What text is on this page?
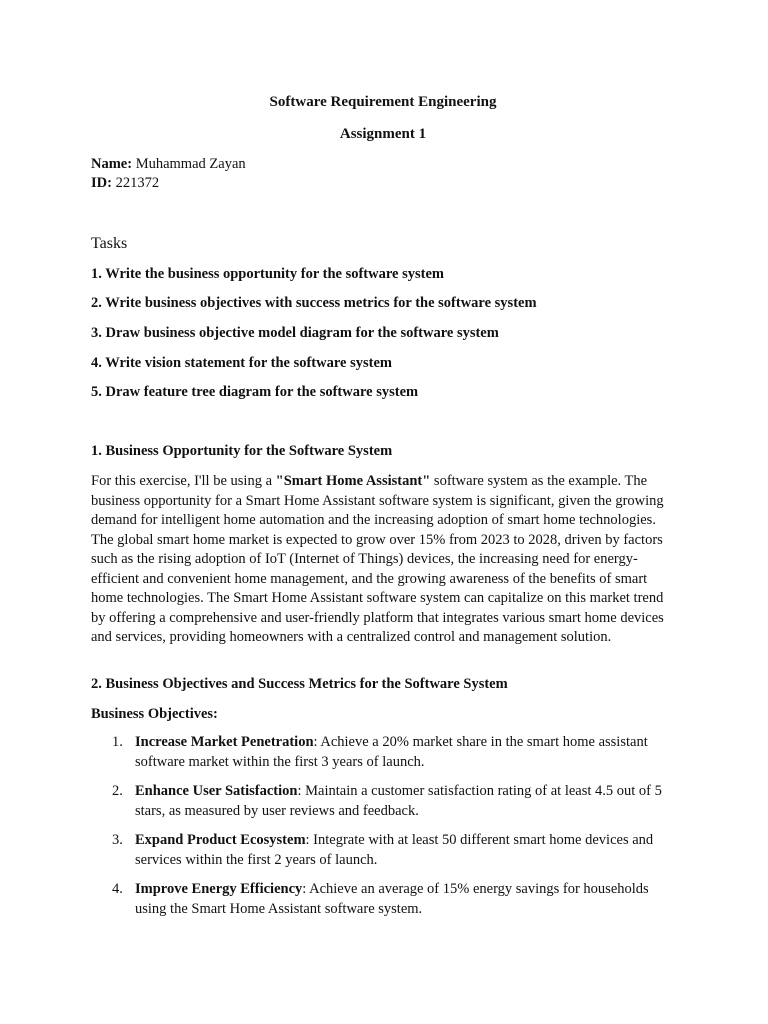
Software Requirement Engineering
Assignment 1
Name: Muhammad Zayan
ID: 221372
Tasks
1. Write the business opportunity for the software system
2. Write business objectives with success metrics for the software system
3. Draw business objective model diagram for the software system
4. Write vision statement for the software system
5. Draw feature tree diagram for the software system
1. Business Opportunity for the Software System
For this exercise, I'll be using a "Smart Home Assistant" software system as the example. The business opportunity for a Smart Home Assistant software system is significant, given the growing demand for intelligent home automation and the increasing adoption of smart home technologies. The global smart home market is expected to grow over 15% from 2023 to 2028, driven by factors such as the rising adoption of IoT (Internet of Things) devices, the increasing need for energy-efficient and convenient home management, and the growing awareness of the benefits of smart home technologies. The Smart Home Assistant software system can capitalize on this market trend by offering a comprehensive and user-friendly platform that integrates various smart home devices and services, providing homeowners with a centralized control and management solution.
2. Business Objectives and Success Metrics for the Software System
Business Objectives:
1. Increase Market Penetration: Achieve a 20% market share in the smart home assistant software market within the first 3 years of launch.
2. Enhance User Satisfaction: Maintain a customer satisfaction rating of at least 4.5 out of 5 stars, as measured by user reviews and feedback.
3. Expand Product Ecosystem: Integrate with at least 50 different smart home devices and services within the first 2 years of launch.
4. Improve Energy Efficiency: Achieve an average of 15% energy savings for households using the Smart Home Assistant software system.
